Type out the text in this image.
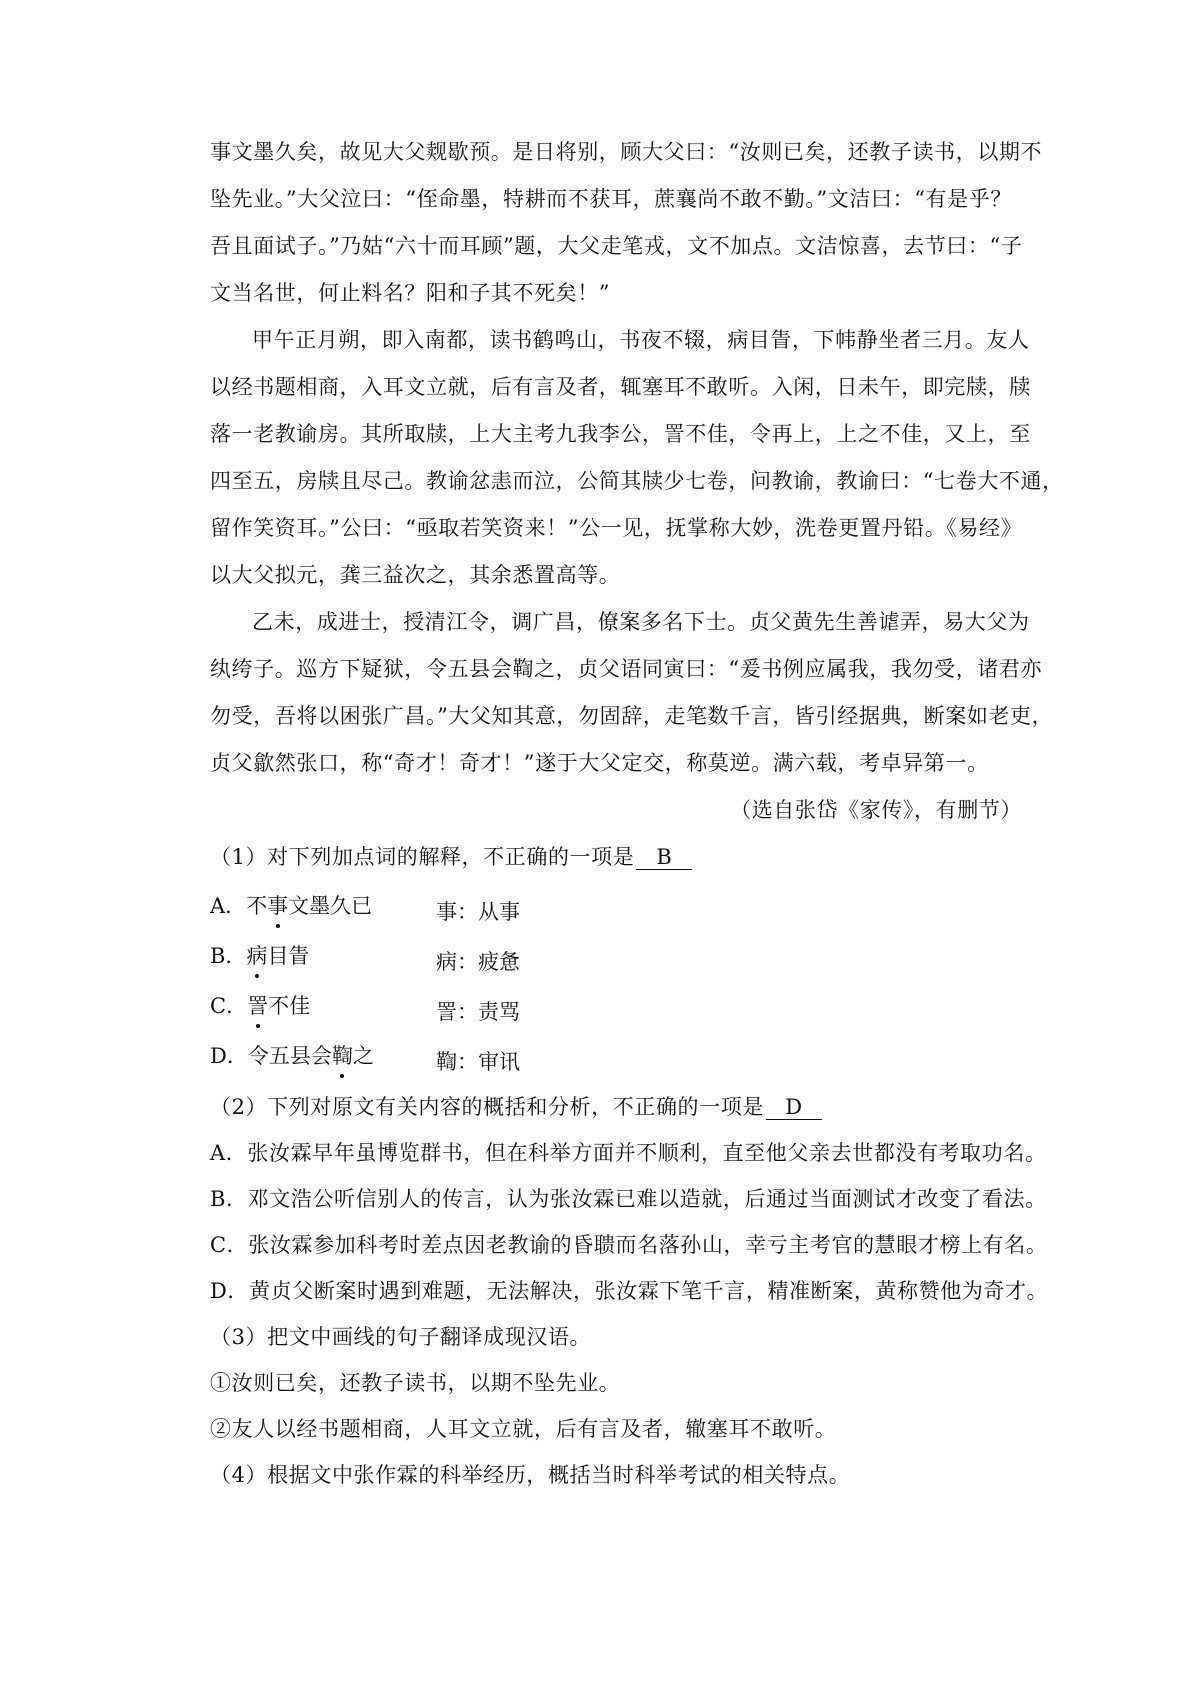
事文墨久矣，故见大父觌歇预。是日将别，顾大父曰：“汝则已矣，还教子读书，以期不
坠先业。”大父泣曰：“侄命墨，特耕而不获耳，蔗襄尚不敢不勤。”文洁曰：“有是乎？
吾且面试子。”乃姑“六十而耳顾”题，大父走笔戎，文不加点。文洁惊喜，去节曰：“子
文当名世，何止料名？阳和子其不死矣！”
甲午正月朔，即入南都，读书鹤鸣山，书夜不辍，病目眚，下帏静坐者三月。友人
以经书题相商，入耳文立就，后有言及者，辄塞耳不敢听。入闲，日未午，即完牍，牍
落一老教谕房。其所取牍，上大主考九我李公，詈不佳，令再上，上之不佳，又上，至
四至五，房牍且尽己。教谕忿恚而泣，公简其牍少七卷，问教谕，教谕曰：“七卷大不通，
留作笑资耳。”公曰：“亟取若笑资来！”公一见，抚掌称大妙，洗卷更置丹铅。《易经》
以大父拟元，龚三益次之，其余悉置高等。
乙未，成进士，授清江令，调广昌，僚案多名下士。贞父黄先生善谑弄，易大父为
纨绔子。巡方下疑狱，令五县会鞫之，贞父语同寅曰：“爰书例应属我，我勿受，诸君亦
勿受，吾将以困张广昌。”大父知其意，勿固辞，走笔数千言，皆引经据典，断案如老吏，
贞父歙然张口，称“奇才！奇才！”遂于大父定交，称莫逆。满六载，考卓异第一。
（选自张岱《家传》，有删节）
（1）对下列加点词的解释，不正确的一项是 B
A．不事文墨久已	事：从事
B．病目眚	病：疲惫
C．詈不佳	詈：责骂
D．令五县会鞫之	鞫：审讯
（2）下列对原文有关内容的概括和分析，不正确的一项是 D
A．张汝霖早年虽博览群书，但在科举方面并不顺利，直至他父亲去世都没有考取功名。
B．邓文浩公听信别人的传言，认为张汝霖已难以造就，后通过当面测试才改变了看法。
C．张汝霖参加科考时差点因老教谕的昏聩而名落孙山，幸亏主考官的慧眼才榜上有名。
D．黄贞父断案时遇到难题，无法解决，张汝霖下笔千言，精准断案，黄称赞他为奇才。
（3）把文中画线的句子翻译成现汉语。
①汝则已矣，还教子读书，以期不坠先业。
②友人以经书题相商，人耳文立就，后有言及者，辙塞耳不敢听。
（4）根据文中张作霖的科举经历，概括当时科举考试的相关特点。
